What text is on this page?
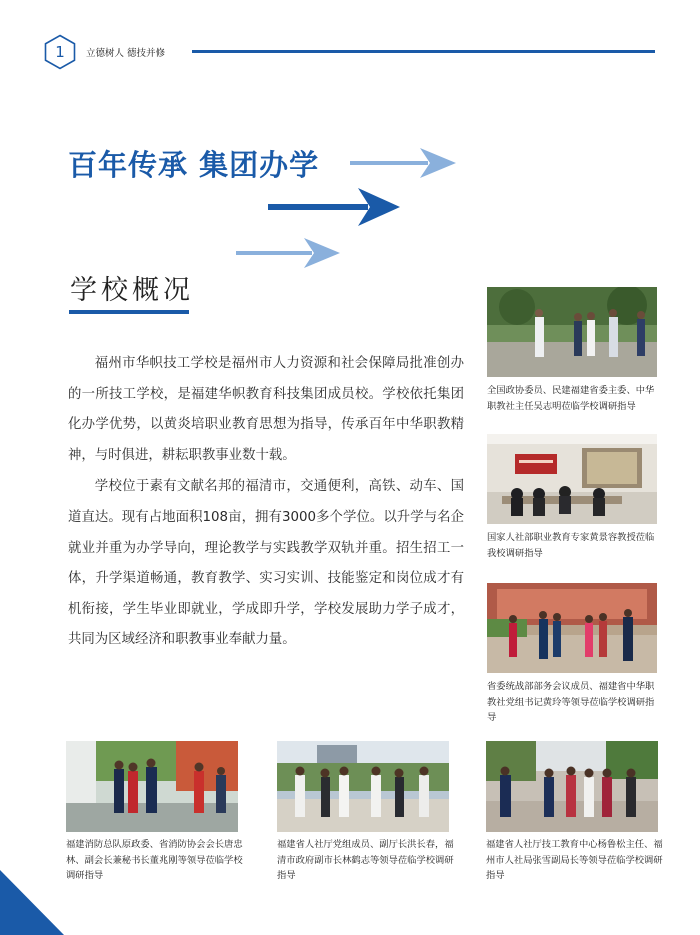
1	立德树人 德技并修
百年传承 集团办学
学校概况

福州市华帜技工学校是福州市人力资源和社会保障局批准创办的一所技工学校，是福建华帜教育科技集团成员校。学校依托集团化办学优势，以黄炎培职业教育思想为指导，传承百年中华职教精神，与时俱进，耕耘职教事业数十载。

学校位于素有文献名邦的福清市，交通便利，高铁、动车、国道直达。现有占地面积108亩，拥有3000多个学位。以升学与名企就业并重为办学导向，理论教学与实践教学双轨并重。招生招工一体，升学渠道畅通，教育教学、实习实训、技能鉴定和岗位成才有机衔接，学生毕业即就业，学成即升学，学校发展助力学子成才，共同为区域经济和职教事业奉献力量。

全国政协委员、民建福建省委主委、中华职教社主任吴志明莅临学校调研指导
国家人社部职业教育专家黄景容教授莅临我校调研指导
省委统战部部务会议成员、福建省中华职教社党组书记黄玲等领导莅临学校调研指导
福建消防总队原政委、省消防协会会长唐忠林、副会长兼秘书长董兆刚等领导莅临学校调研指导
福建省人社厅党组成员、副厅长洪长春，福清市政府副市长林鹤志等领导莅临学校调研指导
福建省人社厅技工教育中心杨鲁松主任、福州市人社局张雪副局长等领导莅临学校调研指导
